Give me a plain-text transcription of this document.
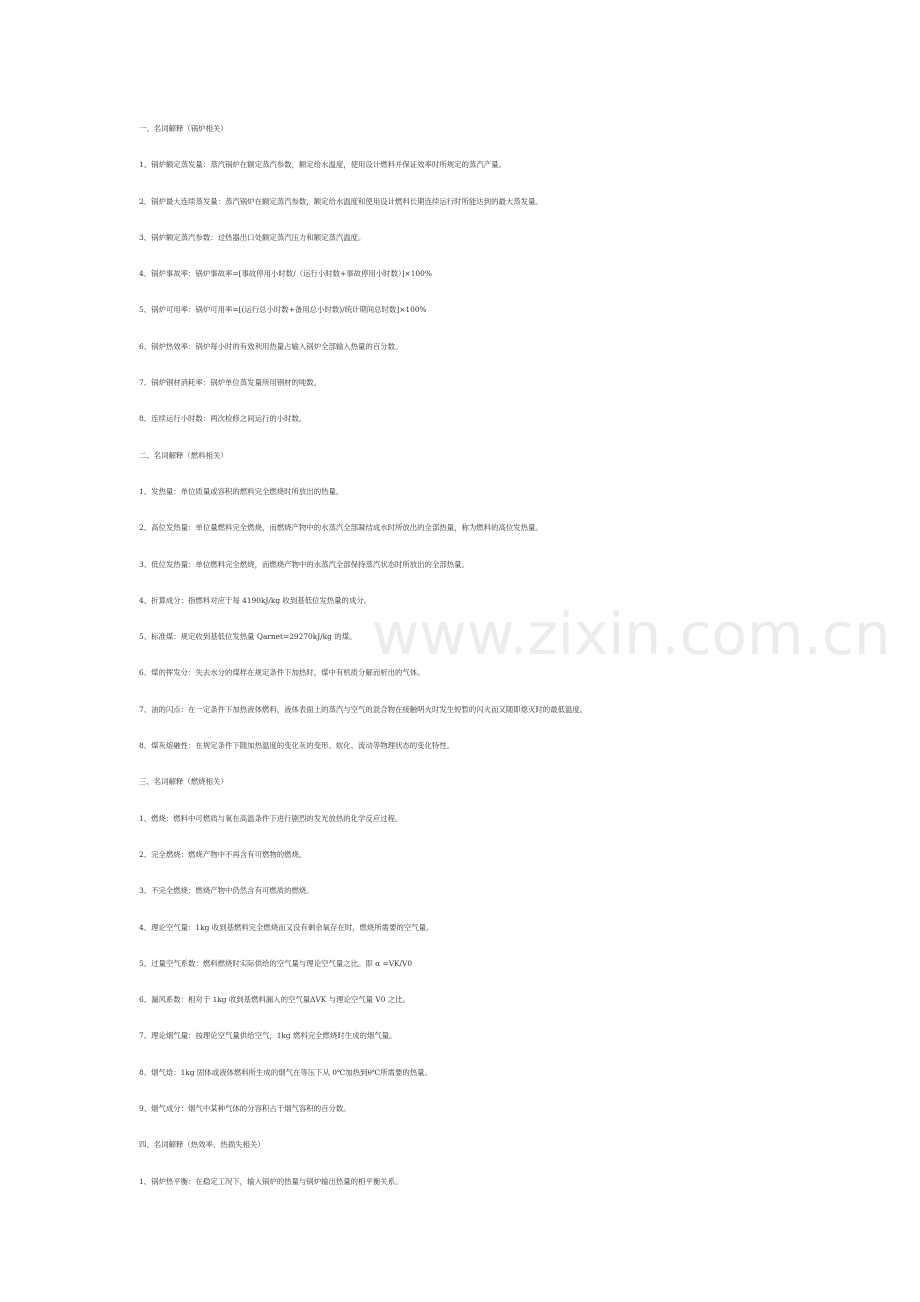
www.zixin.com.cn

一、名词解释（锅炉相关）

1、锅炉额定蒸发量：蒸汽锅炉在额定蒸汽参数，额定给水温度，使用设计燃料并保证效率时所规定的蒸汽产量。

2、锅炉最大连续蒸发量：蒸汽锅炉在额定蒸汽参数，额定给水温度和使用设计燃料长期连续运行时所能达到的最大蒸发量。

3、锅炉额定蒸汽参数：过热器出口处额定蒸汽压力和额定蒸汽温度。

4、锅炉事故率：锅炉事故率=[事故停用小时数/（运行小时数+事故停用小时数）]×100%

5、锅炉可用率：锅炉可用率=[(运行总小时数+备用总小时数)/统计期间总时数]×100%

6、锅炉热效率：锅炉每小时的有效利用热量占输入锅炉全部输入热量的百分数。

7、锅炉钢材消耗率：锅炉单位蒸发量所用钢材的吨数。

8、连续运行小时数：两次检修之间运行的小时数。

二、名词解释（燃料相关）

1、发热量：单位质量或容积的燃料完全燃烧时所放出的热量。

2、高位发热量：单位量燃料完全燃烧，而燃烧产物中的水蒸汽全部凝结成水时所放出的全部热量，称为燃料的高位发热量。

3、低位发热量：单位燃料完全燃烧，而燃烧产物中的水蒸汽全部保持蒸汽状态时所放出的全部热量。

4、折算成分：指燃料对应于每 4190kJ/kg 收到基低位发热量的成分。

5、标准煤：规定收到基低位发热量 Qarnet=29270kJ/kg 的煤。

6、煤的挥发分：失去水分的煤样在规定条件下加热时，煤中有机质分解而析出的气体。

7、油的闪点：在一定条件下加热液体燃料，液体表面上的蒸汽与空气的混合物在接触明火时发生短暂的闪火而又随即熄灭时的最低温度。

8、煤灰熔融性：在规定条件下随加热温度的变化灰的变形、软化、流动等物理状态的变化特性。

三、名词解释（燃烧相关）

1、燃烧：燃料中可燃质与氧在高温条件下进行剧烈的发光放热的化学反应过程。

2、完全燃烧：燃烧产物中不再含有可燃物的燃烧。

3、不完全燃烧：燃烧产物中仍然含有可燃质的燃烧。

4、理论空气量：1kg 收到基燃料完全燃烧而又没有剩余氧存在时，燃烧所需要的空气量。

5、过量空气系数：燃料燃烧时实际供给的空气量与理论空气量之比。即 α =VK/V0

6、漏风系数：相对于 1kg 收到基燃料漏入的空气量ΔVK 与理论空气量 V0 之比。

7、理论烟气量：按理论空气量供给空气，1kg 燃料完全燃烧时生成的烟气量。

8、烟气焓：1kg 固体或液体燃料所生成的烟气在等压下从 0℃加热到θ℃所需要的热量。

9、烟气成分：烟气中某种气体的分容积占干烟气容积的百分数。

四、名词解释（热效率、热损失相关）

1、锅炉热平衡：在稳定工况下，输入锅炉的热量与锅炉输出热量的相平衡关系。
